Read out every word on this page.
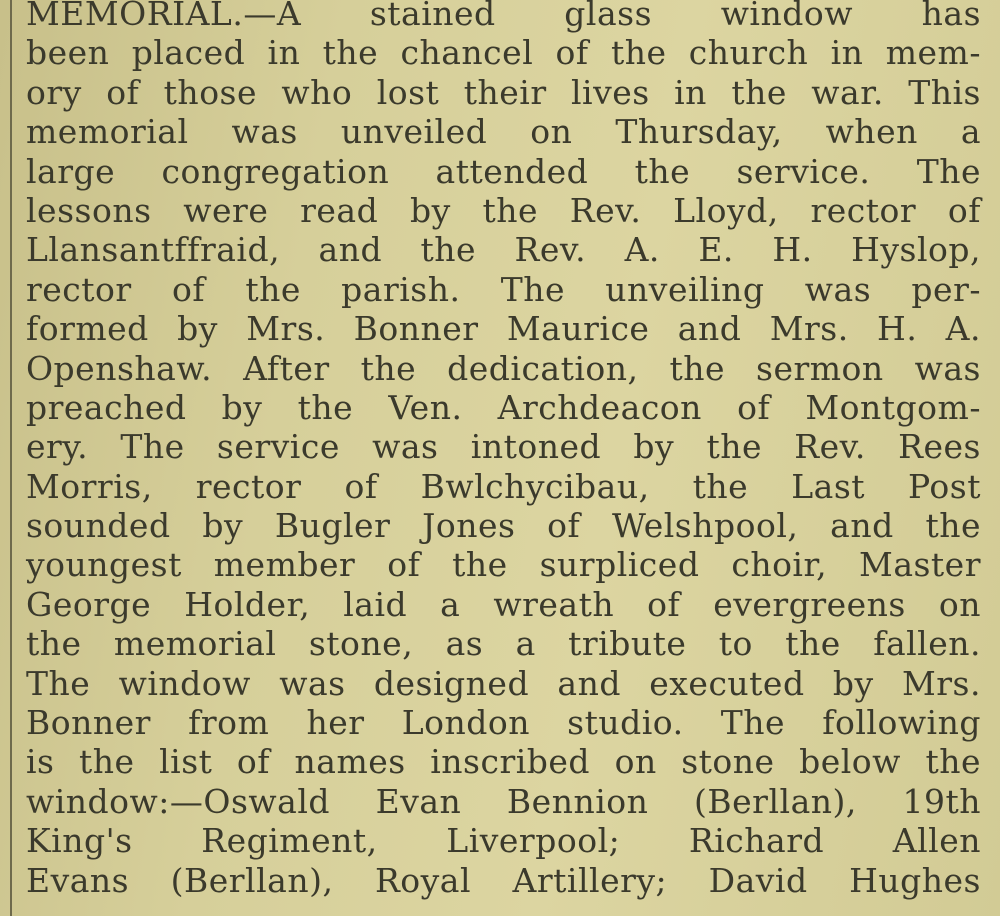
MEMORIAL.—A stained glass window has
been placed in the chancel of the church in mem-
ory of those who lost their lives in the war. This
memorial was unveiled on Thursday, when a
large congregation attended the service. The
lessons were read by the Rev. Lloyd, rector of
Llansantffraid, and the Rev. A. E. H. Hyslop,
rector of the parish. The unveiling was per-
formed by Mrs. Bonner Maurice and Mrs. H. A.
Openshaw. After the dedication, the sermon was
preached by the Ven. Archdeacon of Montgom-
ery. The service was intoned by the Rev. Rees
Morris, rector of Bwlchycibau, the Last Post
sounded by Bugler Jones of Welshpool, and the
youngest member of the surpliced choir, Master
George Holder, laid a wreath of evergreens on
the memorial stone, as a tribute to the fallen.
The window was designed and executed by Mrs.
Bonner from her London studio. The following
is the list of names inscribed on stone below the
window:—Oswald Evan Bennion (Berllan), 19th
King's Regiment, Liverpool; Richard Allen
Evans (Berllan), Royal Artillery; David Hughes
